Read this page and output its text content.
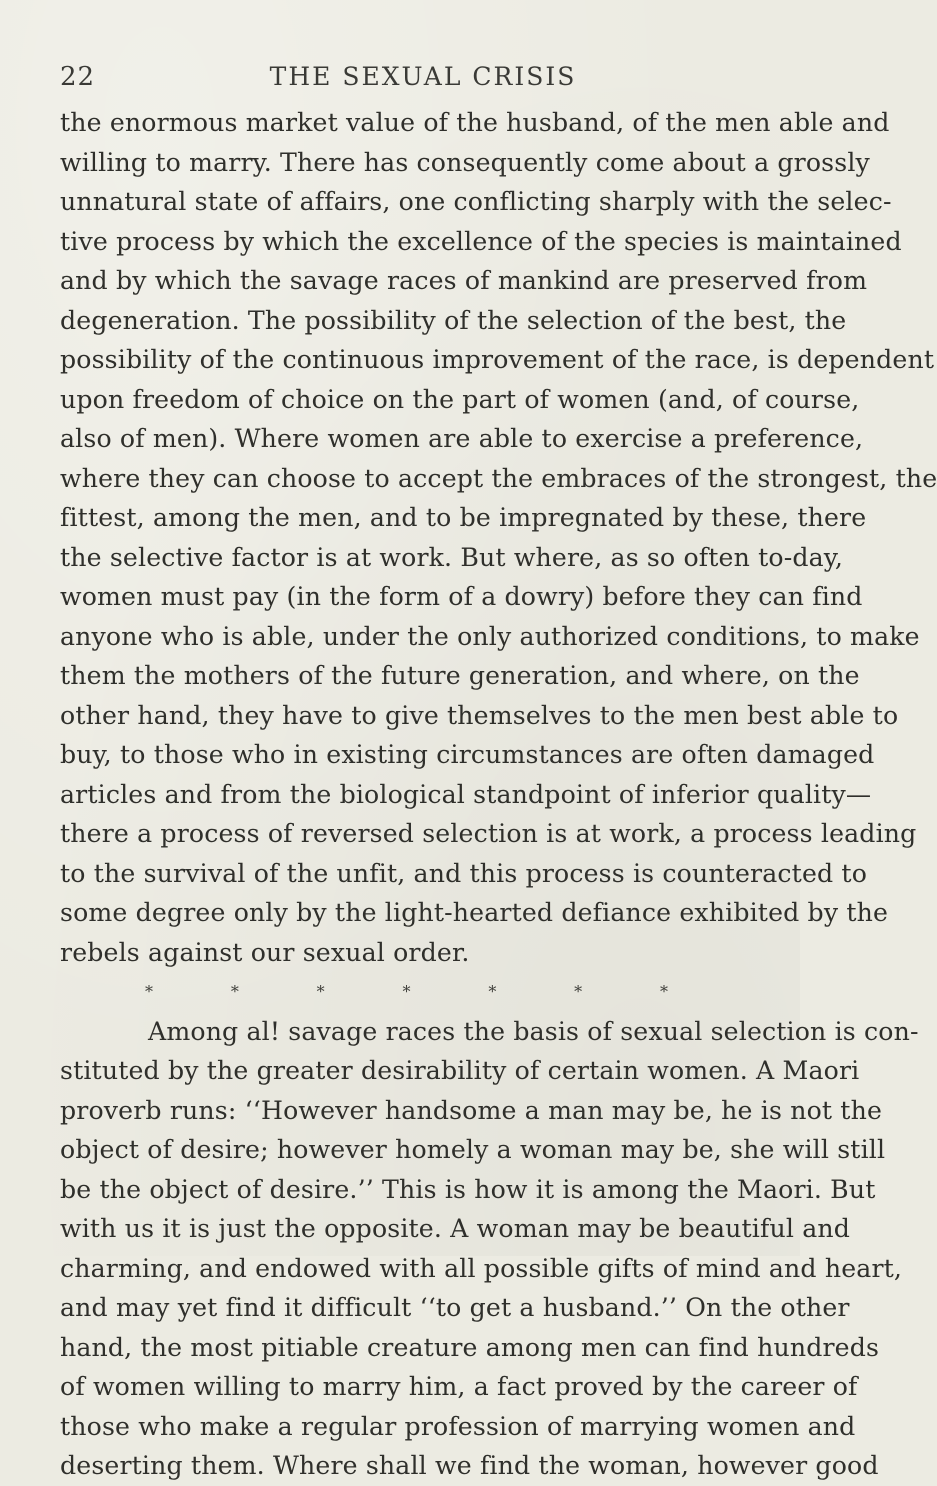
22	THE SEXUAL CRISIS
the enormous market value of the husband, of the men able and
willing to marry. There has consequently come about a grossly
unnatural state of affairs, one conflicting sharply with the selec-
tive process by which the excellence of the species is maintained
and by which the savage races of mankind are preserved from
degeneration. The possibility of the selection of the best, the
possibility of the continuous improvement of the race, is dependent
upon freedom of choice on the part of women (and, of course,
also of men). Where women are able to exercise a preference,
where they can choose to accept the embraces of the strongest, the
fittest, among the men, and to be impregnated by these, there
the selective factor is at work. But where, as so often to-day,
women must pay (in the form of a dowry) before they can find
anyone who is able, under the only authorized conditions, to make
them the mothers of the future generation, and where, on the
other hand, they have to give themselves to the men best able to
buy, to those who in existing circumstances are often damaged
articles and from the biological standpoint of inferior quality—
there a process of reversed selection is at work, a process leading
to the survival of the unfit, and this process is counteracted to
some degree only by the light-hearted defiance exhibited by the
rebels against our sexual order.
*	*	*	*	*	*	*
Among al! savage races the basis of sexual selection is con-
stituted by the greater desirability of certain women. A Maori
proverb runs: ‘‘However handsome a man may be, he is not the
object of desire; however homely a woman may be, she will still
be the object of desire.’’ This is how it is among the Maori. But
with us it is just the opposite. A woman may be beautiful and
charming, and endowed with all possible gifts of mind and heart,
and may yet find it difficult ‘‘to get a husband.’’ On the other
hand, the most pitiable creature among men can find hundreds
of women willing to marry him, a fact proved by the career of
those who make a regular profession of marrying women and
deserting them. Where shall we find the woman, however good
